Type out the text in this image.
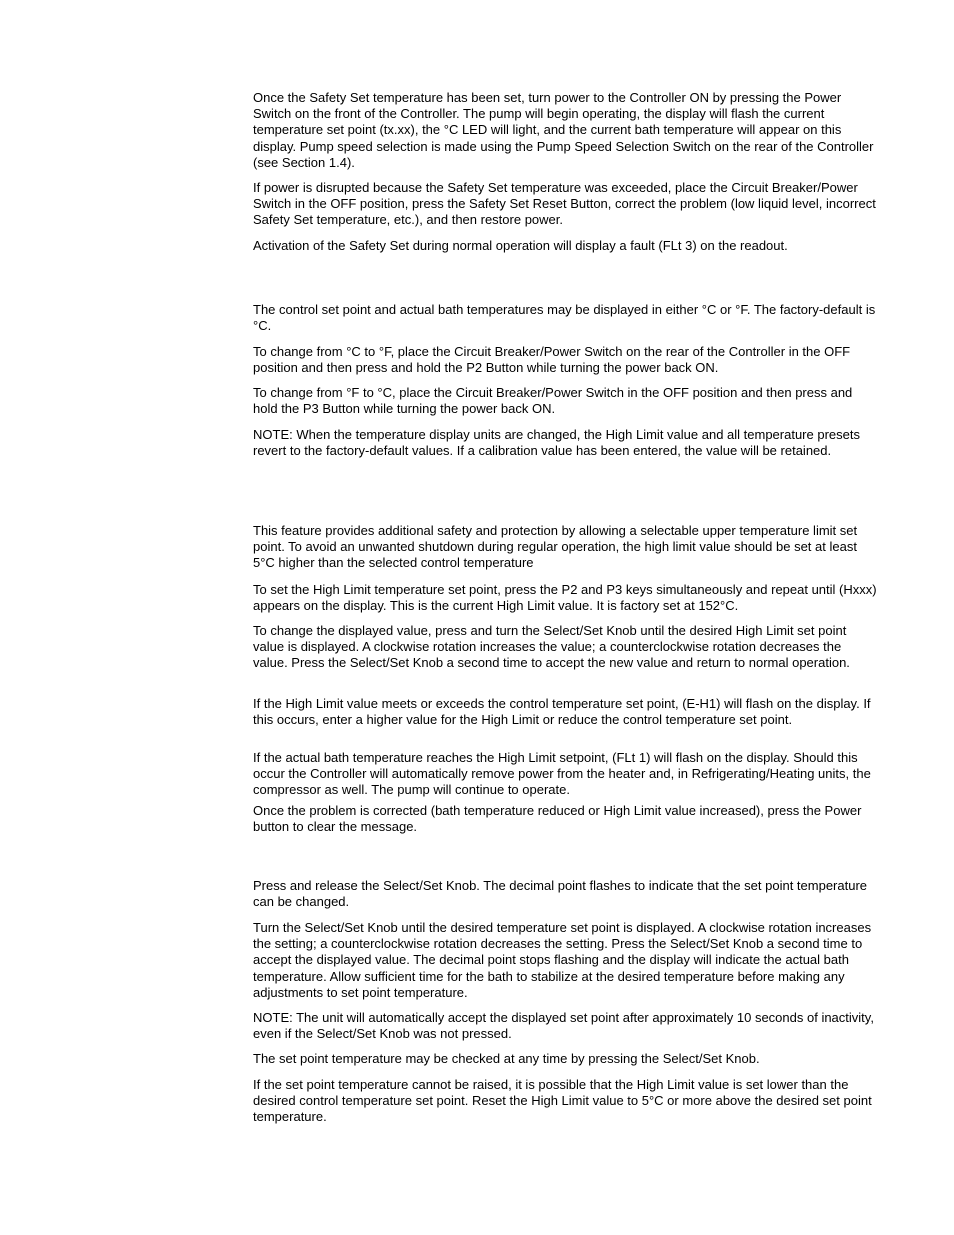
Once the Safety Set temperature has been set, turn power to the Controller ON by pressing the Power Switch on the front of the Controller. The pump will begin operating, the display will flash the current temperature set point (tx.xx), the °C LED will light, and the current bath temperature will appear on this display. Pump speed selection is made using the Pump Speed Selection Switch on the rear of the Controller (see Section 1.4).

If power is disrupted because the Safety Set temperature was exceeded, place the Circuit Breaker/Power Switch in the OFF position, press the Safety Set Reset Button, correct the problem (low liquid level, incorrect Safety Set temperature, etc.), and then restore power.

Activation of the Safety Set during normal operation will display a fault (FLt 3) on the readout.

The control set point and actual bath temperatures may be displayed in either °C or °F. The factory-default is °C.

To change from °C to °F, place the Circuit Breaker/Power Switch on the rear of the Controller in the OFF position and then press and hold the P2 Button while turning the power back ON.

To change from °F to °C, place the Circuit Breaker/Power Switch in the OFF position and then press and hold the P3 Button while turning the power back ON.

NOTE: When the temperature display units are changed, the High Limit value and all temperature presets revert to the factory-default values. If a calibration value has been entered, the value will be retained.

This feature provides additional safety and protection by allowing a selectable upper temperature limit set point. To avoid an unwanted shutdown during regular operation, the high limit value should be set at least 5°C higher than the selected control temperature

To set the High Limit temperature set point, press the P2 and P3 keys simultaneously and repeat until (Hxxx) appears on the display. This is the current High Limit value. It is factory set at 152°C.

To change the displayed value, press and turn the Select/Set Knob until the desired High Limit set point value is displayed. A clockwise rotation increases the value; a counterclockwise rotation decreases the value. Press the Select/Set Knob a second time to accept the new value and return to normal operation.

If the High Limit value meets or exceeds the control temperature set point, (E-H1) will flash on the display. If this occurs, enter a higher value for the High Limit or reduce the control temperature set point.

If the actual bath temperature reaches the High Limit setpoint, (FLt 1) will flash on the display. Should this occur the Controller will automatically remove power from the heater and, in Refrigerating/Heating units, the compressor as well. The pump will continue to operate.

Once the problem is corrected (bath temperature reduced or High Limit value increased), press the Power button to clear the message.

Press and release the Select/Set Knob. The decimal point flashes to indicate that the set point temperature can be changed.

Turn the Select/Set Knob until the desired temperature set point is displayed. A clockwise rotation increases the setting; a counterclockwise rotation decreases the setting. Press the Select/Set Knob a second time to accept the displayed value. The decimal point stops flashing and the display will indicate the actual bath temperature. Allow sufficient time for the bath to stabilize at the desired temperature before making any adjustments to set point temperature.

NOTE: The unit will automatically accept the displayed set point after approximately 10 seconds of inactivity, even if the Select/Set Knob was not pressed.

The set point temperature may be checked at any time by pressing the Select/Set Knob.

If the set point temperature cannot be raised, it is possible that the High Limit value is set lower than the desired control temperature set point. Reset the High Limit value to 5°C or more above the desired set point temperature.
